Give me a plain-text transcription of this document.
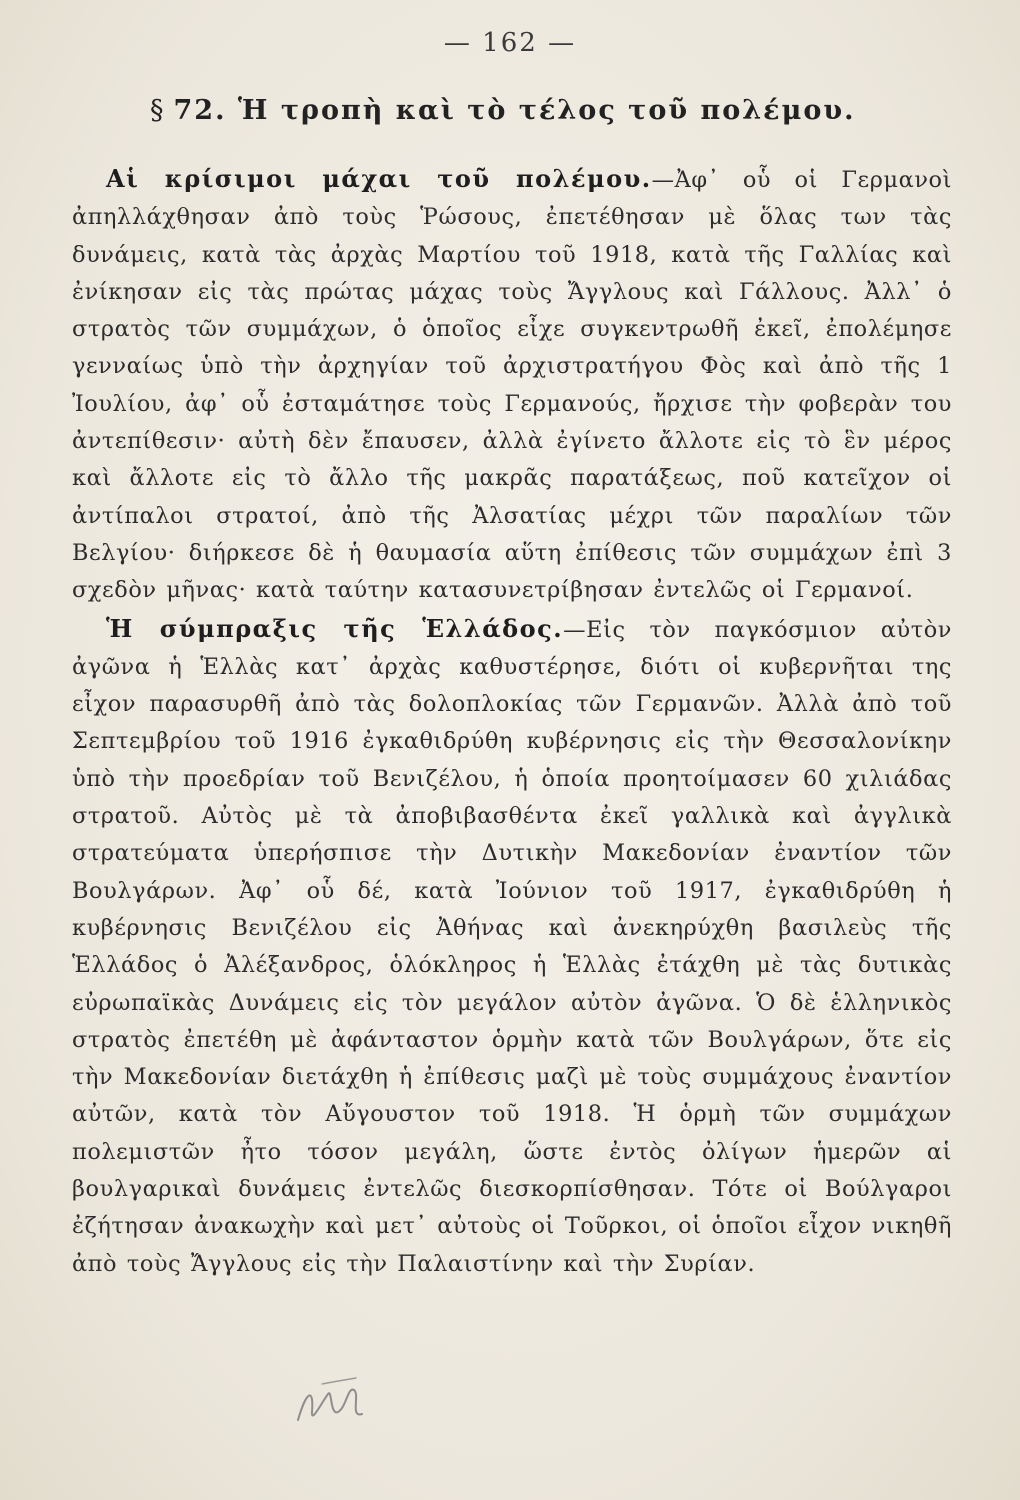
— 162 —
§ 72. Ἡ τροπὴ καὶ τὸ τέλος τοῦ πολέμου.

Αἱ κρίσιμοι μάχαι τοῦ πολέμου.—Ἀφ᾽ οὗ οἱ Γερμανοὶ ἀπηλλάχθησαν ἀπὸ τοὺς Ῥώσους, ἐπετέθησαν μὲ ὅλας των τὰς δυνάμεις, κατὰ τὰς ἀρχὰς Μαρτίου τοῦ 1918, κατὰ τῆς Γαλλίας καὶ ἐνίκησαν εἰς τὰς πρώτας μάχας τοὺς Ἄγγλους καὶ Γάλλους. Ἀλλ᾽ ὁ στρατὸς τῶν συμμάχων, ὁ ὁποῖος εἶχε συγκεντρωθῆ ἐκεῖ, ἐπολέμησε γενναίως ὑπὸ τὴν ἀρχηγίαν τοῦ ἀρχιστρατήγου Φὸς καὶ ἀπὸ τῆς 1 Ἰουλίου, ἀφ᾽ οὗ ἐσταμάτησε τοὺς Γερμανούς, ἤρχισε τὴν φοβερὰν του ἀντεπίθεσιν· αὐτὴ δὲν ἔπαυσεν, ἀλλὰ ἐγίνετο ἄλλοτε εἰς τὸ ἓν μέρος καὶ ἄλλοτε εἰς τὸ ἄλλο τῆς μακρᾶς παρατάξεως, ποῦ κατεῖχον οἱ ἀντίπαλοι στρατοί, ἀπὸ τῆς Ἀλσατίας μέχρι τῶν παραλίων τῶν Βελγίου· διήρκεσε δὲ ἡ θαυμασία αὕτη ἐπίθεσις τῶν συμμάχων ἐπὶ 3 σχεδὸν μῆνας· κατὰ ταύτην κατασυνετρίβησαν ἐντελῶς οἱ Γερμανοί.

Ἡ σύμπραξις τῆς Ἑλλάδος.—Εἰς τὸν παγκόσμιον αὐτὸν ἀγῶνα ἡ Ἑλλὰς κατ᾽ ἀρχὰς καθυστέρησε, διότι οἱ κυβερνῆται της εἶχον παρασυρθῆ ἀπὸ τὰς δολοπλοκίας τῶν Γερμανῶν. Ἀλλὰ ἀπὸ τοῦ Σεπτεμβρίου τοῦ 1916 ἐγκαθιδρύθη κυβέρνησις εἰς τὴν Θεσσαλονίκην ὑπὸ τὴν προεδρίαν τοῦ Βενιζέλου, ἡ ὁποία προητοίμασεν 60 χιλιάδας στρατοῦ. Αὐτὸς μὲ τὰ ἀποβιβασθέντα ἐκεῖ γαλλικὰ καὶ ἀγγλικὰ στρατεύματα ὑπερήσπισε τὴν Δυτικὴν Μακεδονίαν ἐναντίον τῶν Βουλγάρων. Ἀφ᾽ οὗ δέ, κατὰ Ἰούνιον τοῦ 1917, ἐγκαθιδρύθη ἡ κυβέρνησις Βενιζέλου εἰς Ἀθήνας καὶ ἀνεκηρύχθη βασιλεὺς τῆς Ἑλλάδος ὁ Ἀλέξανδρος, ὁλόκληρος ἡ Ἑλλὰς ἐτάχθη μὲ τὰς δυτικὰς εὐρωπαϊκὰς Δυνάμεις εἰς τὸν μεγάλον αὐτὸν ἀγῶνα. Ὁ δὲ ἑλληνικὸς στρατὸς ἐπετέθη μὲ ἀφάνταστον ὁρμὴν κατὰ τῶν Βουλγάρων, ὅτε εἰς τὴν Μακεδονίαν διετάχθη ἡ ἐπίθεσις μαζὶ μὲ τοὺς συμμάχους ἐναντίον αὐτῶν, κατὰ τὸν Αὔγουστον τοῦ 1918. Ἡ ὁρμὴ τῶν συμμάχων πολεμιστῶν ἦτο τόσον μεγάλη, ὥστε ἐντὸς ὀλίγων ἡμερῶν αἱ βουλγαρικαὶ δυνάμεις ἐντελῶς διεσκορπίσθησαν. Τότε οἱ Βούλγαροι ἐζήτησαν ἀνακωχὴν καὶ μετ᾽ αὐτοὺς οἱ Τοῦρκοι, οἱ ὁποῖοι εἶχον νικηθῆ ἀπὸ τοὺς Ἄγγλους εἰς τὴν Παλαιστίνην καὶ τὴν Συρίαν.
